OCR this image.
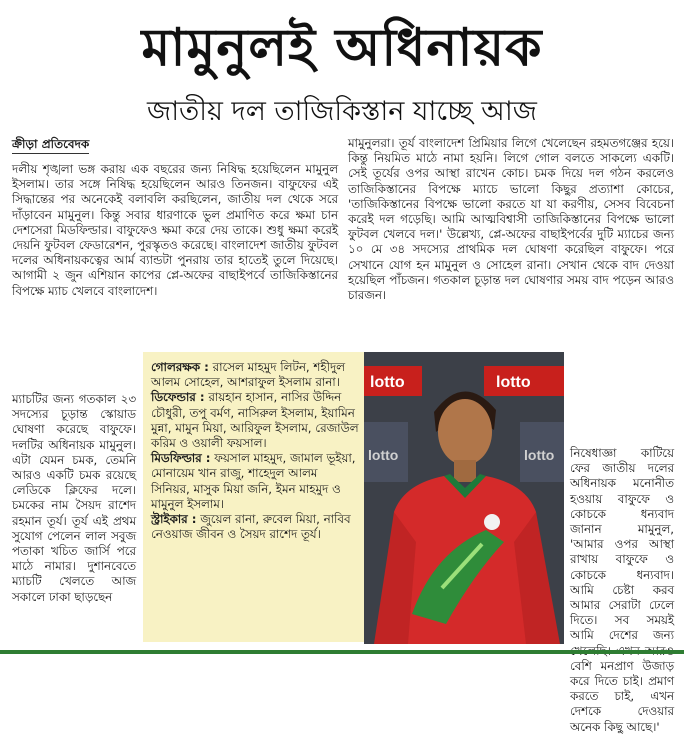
মামুনুলই অধিনায়ক
জাতীয় দল তাজিকিস্তান যাচ্ছে আজ
ক্রীড়া প্রতিবেদক
দলীয় শৃঙ্খলা ভঙ্গ করায় এক বছরের জন্য নিষিদ্ধ হয়েছিলেন মামুনুল ইসলাম। তার সঙ্গে নিষিদ্ধ হয়েছিলেন আরও তিনজন। বাফুফের এই সিদ্ধান্তের পর অনেকেই বলাবলি করছিলেন, জাতীয় দল থেকে সরে দাঁড়াবেন মামুনুল। কিন্তু সবার ধারণাকে ভুল প্রমাণিত করে ক্ষমা চান দেশসেরা মিডফিল্ডার। বাফুফেও ক্ষমা করে দেয় তাকে। শুধু ক্ষমা করেই দেয়নি ফুটবল ফেডারেশন, পুরস্কৃতও করেছে। বাংলাদেশ জাতীয় ফুটবল দলের অধিনায়কত্বের আর্ম ব্যান্ডটা পুনরায় তার হাতেই তুলে দিয়েছে। আগামী ২ জুন এশিয়ান কাপের প্লে-অফের বাছাইপর্বে তাজিকিস্তানের বিপক্ষে ম্যাচ খেলবে বাংলাদেশ।
ম্যাচটির জন্য গতকাল ২৩ সদস্যের চূড়ান্ত স্কোয়াড ঘোষণা করেছে বাফুফে। দলটির অধিনায়ক মামুনুল। এটা যেমন চমক, তেমনি আরও একটি চমক রয়েছে লেডিকে ক্লিফের দলে। চমকের নাম সৈয়দ রাশেদ রহমান তূর্য। তূর্য এই প্রথম সুযোগ পেলেন লাল সবুজ পতাকা খচিত জার্সি পরে মাঠে নামার। দুশানবেতে ম্যাচটি খেলতে আজ সকালে ঢাকা ছাড়ছেন
মামুনুলরা। তূর্য বাংলাদেশ প্রিমিয়ার লিগে খেলেছেন রহমতগঞ্জের হয়ে। কিন্তু নিয়মিত মাঠে নামা হয়নি। লিগে গোল বলতে সাকল্যে একটি। সেই তূর্যের ওপর আস্থা রাখেন কোচ। চমক দিয়ে দল গঠন করলেও তাজিকিস্তানের বিপক্ষে ম্যাচে ভালো কিছুর প্রত্যাশা কোচের, 'তাজিকিস্তানের বিপক্ষে ভালো করতে যা যা করণীয়, সেসব বিবেচনা করেই দল গড়েছি। আমি আত্মবিশ্বাসী তাজিকিস্তানের বিপক্ষে ভালো ফুটবল খেলবে দল।' উল্লেখ্য, প্লে-অফের বাছাইপর্বের দুটি ম্যাচের জন্য ১০ মে ৩৪ সদস্যের প্রাথমিক দল ঘোষণা করেছিল বাফুফে। পরে সেখানে যোগ হন মামুনুল ও সোহেল রানা। সেখান থেকে বাদ দেওয়া হয়েছিল পাঁচজন। গতকাল চূড়ান্ত দল ঘোষণার সময় বাদ পড়েন আরও চারজন।
নিষেধাজ্ঞা কাটিয়ে ফের জাতীয় দলের অধিনায়ক মনোনীত হওয়ায় বাফুফে ও কোচকে ধন্যবাদ জানান মামুনুল, 'আমার ওপর আস্থা রাখায় বাফুফে ও কোচকে ধন্যবাদ। আমি চেষ্টা করব আমার সেরাটা ঢেলে দিতে। সব সময়ই আমি দেশের জন্য বেশি মনপ্রাণ উজাড় করে দিতে চাই। প্রমাণ করতে চাই, এখন দেশকে দেওয়ার অনেক কিছু আছে।'
গোলরক্ষক : রাসেল মাহমুদ লিটন, শহীদুল আলম সোহেল, আশরাফুল ইসলাম রানা।
ডিফেন্ডার : রায়হান হাসান, নাসির উদ্দিন চৌধুরী, তপু বর্মণ, নাসিরুল ইসলাম, ইয়ামিন মুন্না, মামুন মিয়া, আরিফুল ইসলাম, রেজাউল করিম ও ওয়ালী ফয়সাল।
মিডফিল্ডার : ফয়সাল মাহমুদ, জামাল ভূইয়া, মোনায়েম খান রাজু, শাহেদুল আলম সিনিয়র, মাসুক মিয়া জনি, ইমন মাহমুদ ও মামুনুল ইসলাম।
স্ট্রাইকার : জুয়েল রানা, রুবেল মিয়া, নাবিব নেওয়াজ জীবন ও সৈয়দ রাশেদ তূর্য।
lotto	lotto
lotto	lotto
